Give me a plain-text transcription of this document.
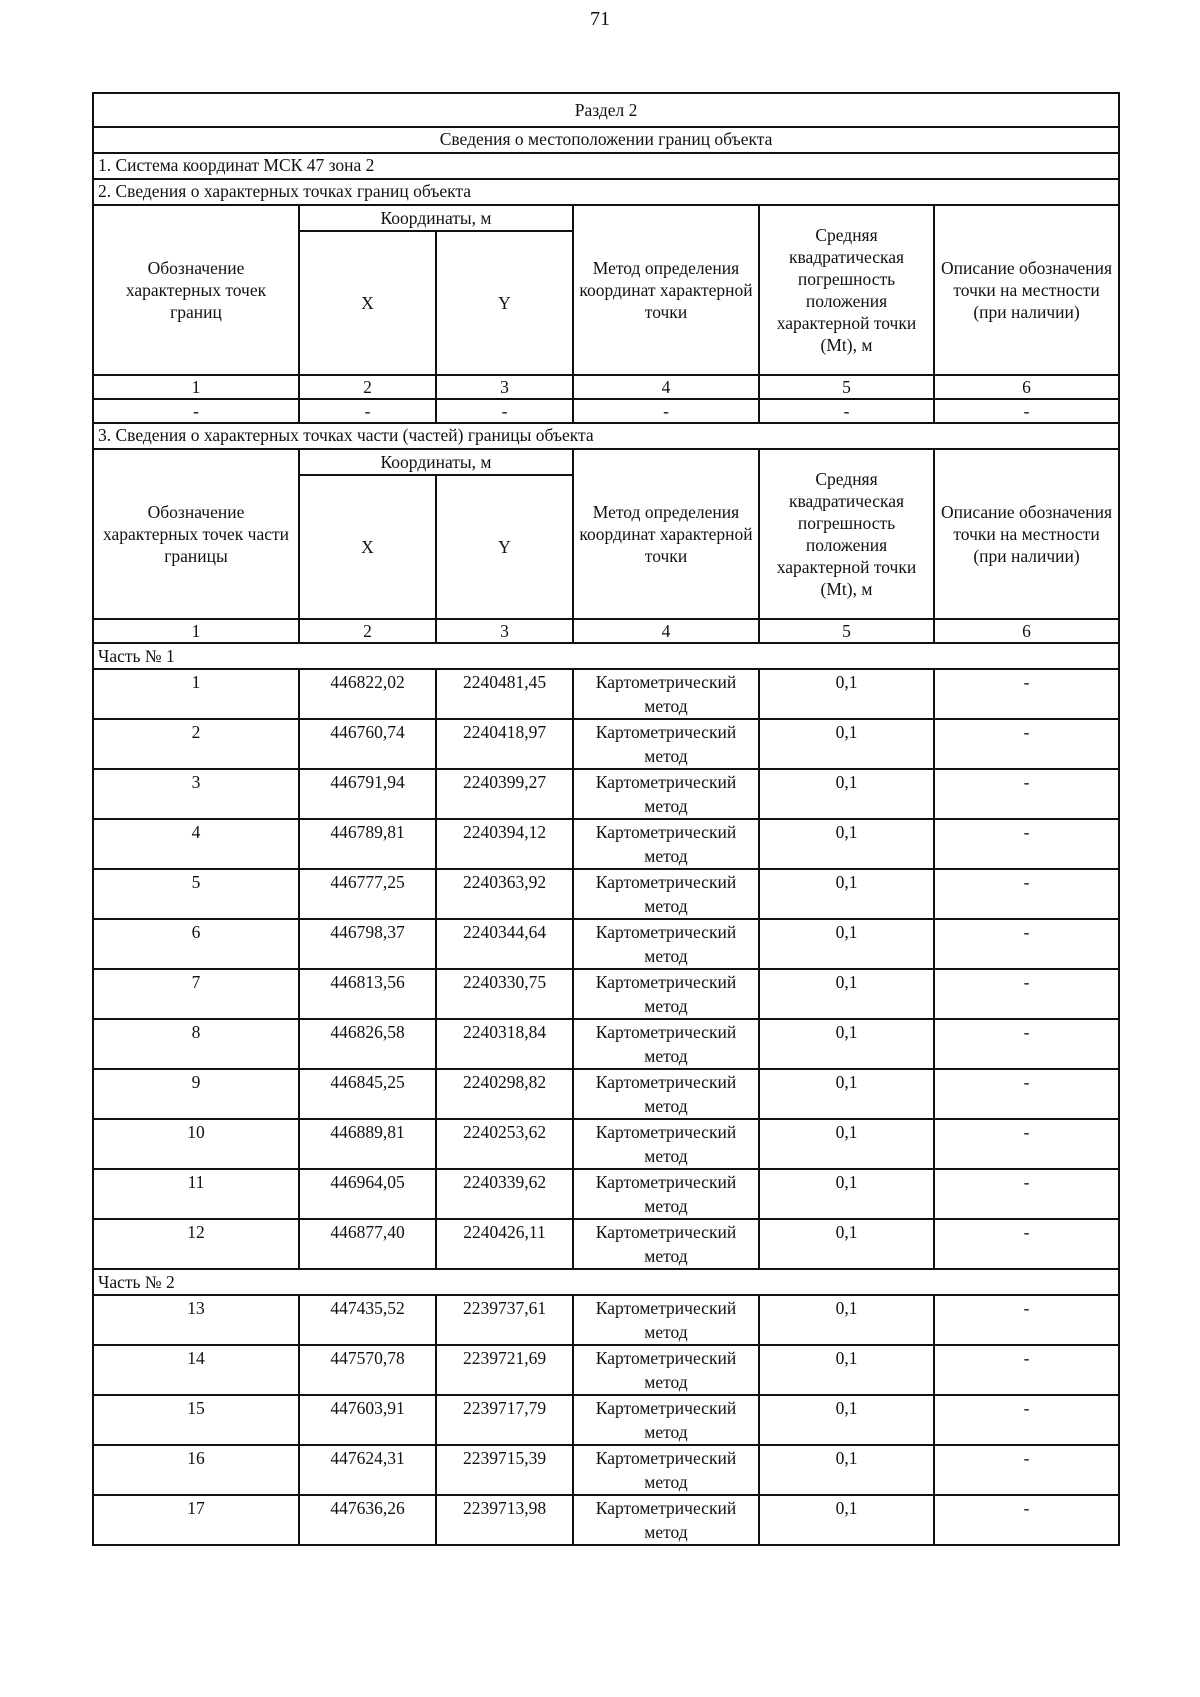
71
Раздел 2					
Сведения о местоположении границ объекта					
1. Система координат МСК 47 зона 2					
2. Сведения о характерных точках границ объекта					
Обозначение характерных точек границ	Координаты, м		Метод определения координат характерной точки	Средняя квадратическая погрешность положения характерной точки (Mt), м	Описание обозначения точки на местности (при наличии)
	X	Y			
1	2	3	4	5	6
-	-	-	-	-	-
3. Сведения о характерных точках части (частей) границы объекта					
Обозначение характерных точек части границы	Координаты, м		Метод определения координат характерной точки	Средняя квадратическая погрешность положения характерной точки (Mt), м	Описание обозначения точки на местности (при наличии)
	X	Y			
1	2	3	4	5	6
Часть № 1					
1	446822,02	2240481,45	Картометрический метод	0,1	-
2	446760,74	2240418,97	Картометрический метод	0,1	-
3	446791,94	2240399,27	Картометрический метод	0,1	-
4	446789,81	2240394,12	Картометрический метод	0,1	-
5	446777,25	2240363,92	Картометрический метод	0,1	-
6	446798,37	2240344,64	Картометрический метод	0,1	-
7	446813,56	2240330,75	Картометрический метод	0,1	-
8	446826,58	2240318,84	Картометрический метод	0,1	-
9	446845,25	2240298,82	Картометрический метод	0,1	-
10	446889,81	2240253,62	Картометрический метод	0,1	-
11	446964,05	2240339,62	Картометрический метод	0,1	-
12	446877,40	2240426,11	Картометрический метод	0,1	-
Часть № 2					
13	447435,52	2239737,61	Картометрический метод	0,1	-
14	447570,78	2239721,69	Картометрический метод	0,1	-
15	447603,91	2239717,79	Картометрический метод	0,1	-
16	447624,31	2239715,39	Картометрический метод	0,1	-
17	447636,26	2239713,98	Картометрический метод	0,1	-
